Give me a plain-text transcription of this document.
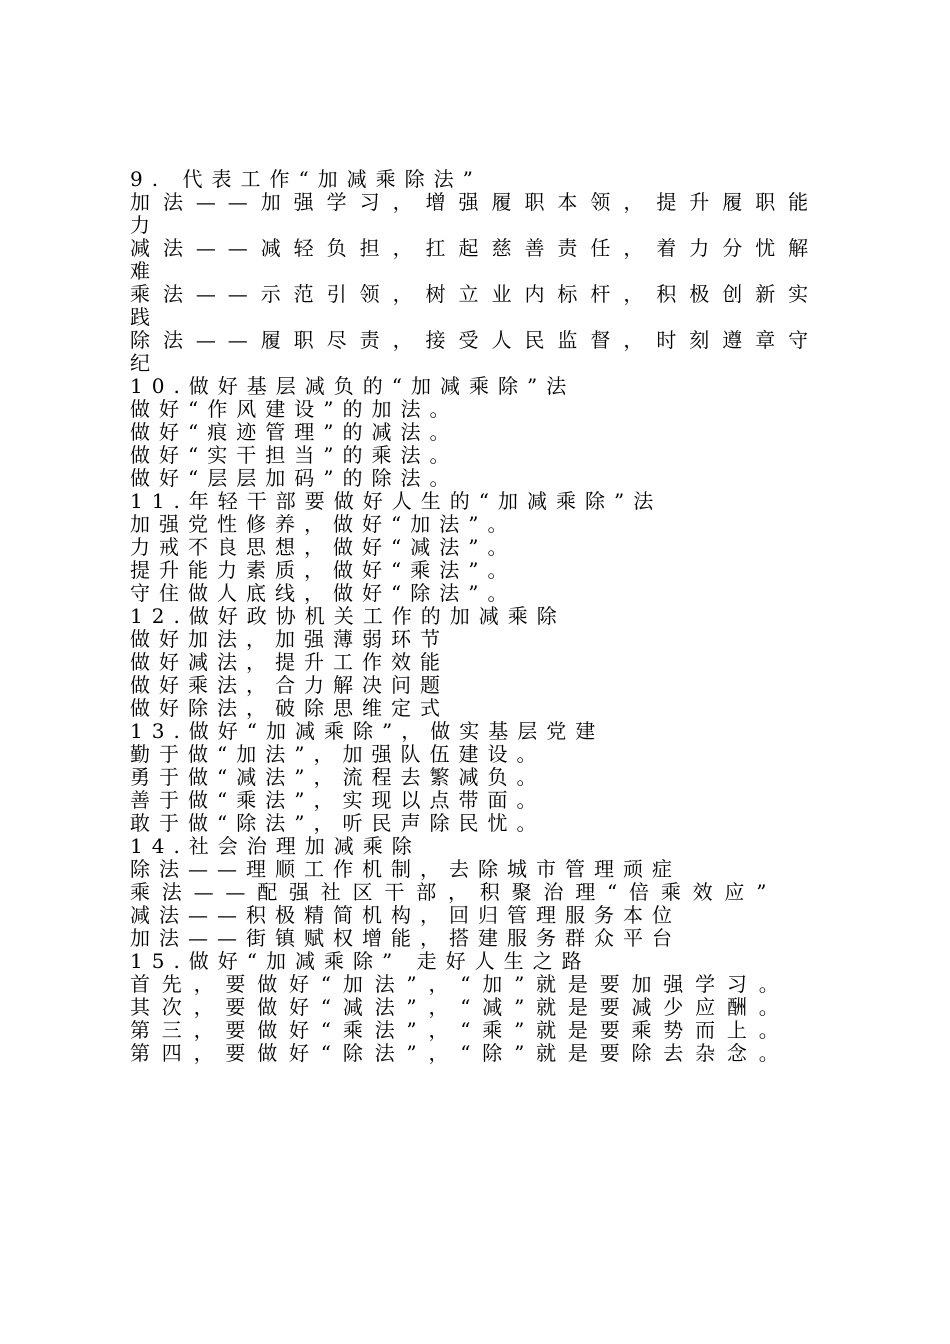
9. 代表工作“加减乘除法”
加法——加强学习，增强履职本领，提升履职能力
减法——减轻负担，扛起慈善责任，着力分忧解难
乘法——示范引领，树立业内标杆，积极创新实践
除法——履职尽责，接受人民监督，时刻遵章守纪
10.做好基层减负的“加减乘除”法
做好“作风建设”的加法。
做好“痕迹管理”的减法。
做好“实干担当”的乘法。
做好“层层加码”的除法。
11.年轻干部要做好人生的“加减乘除”法
加强党性修养，做好“加法”。
力戒不良思想，做好“减法”。
提升能力素质，做好“乘法”。
守住做人底线，做好“除法”。
12.做好政协机关工作的加减乘除
做好加法，加强薄弱环节
做好减法，提升工作效能
做好乘法，合力解决问题
做好除法，破除思维定式
13.做好“加减乘除”，做实基层党建
勤于做“加法”，加强队伍建设。
勇于做“减法”，流程去繁减负。
善于做“乘法”，实现以点带面。
敢于做“除法”，听民声除民忧。
14.社会治理加减乘除
除法——理顺工作机制，去除城市管理顽症
乘法——配强社区干部，积聚治理“倍乘效应”
减法——积极精简机构，回归管理服务本位
加法——街镇赋权增能，搭建服务群众平台
15.做好“加减乘除” 走好人生之路
首先，要做好“加法”，“加”就是要加强学习。
其次，要做好“减法”，“减”就是要减少应酬。
第三，要做好“乘法”，“乘”就是要乘势而上。
第四，要做好“除法”，“除”就是要除去杂念。
